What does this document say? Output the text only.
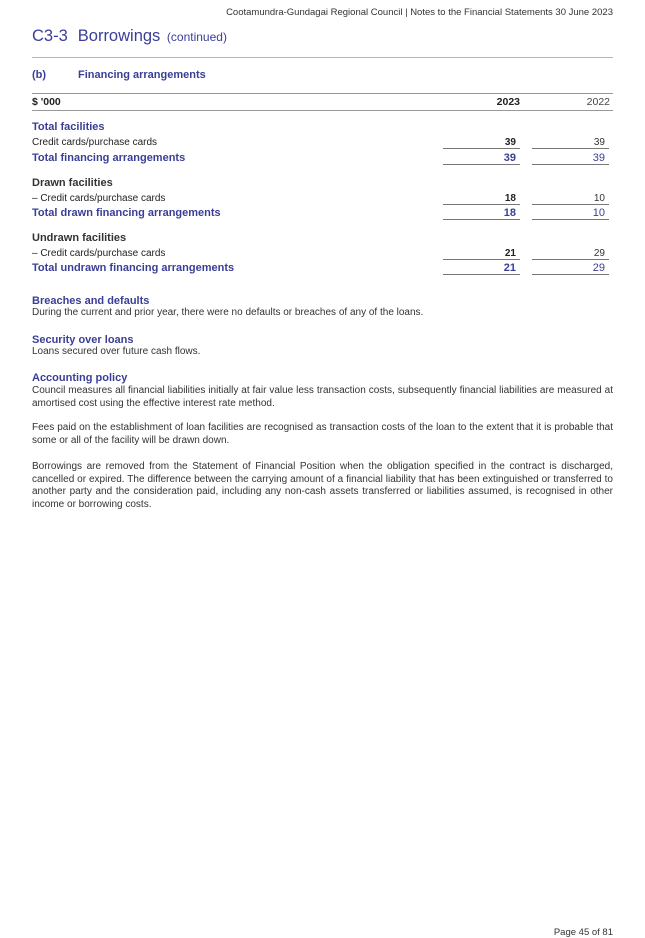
Cootamundra-Gundagai Regional Council | Notes to the Financial Statements 30 June 2023
C3-3 Borrowings (continued)
(b)	Financing arrangements
$ '000	2023	2022
Total facilities
Credit cards/purchase cards	39	39
Total financing arrangements	39	39
Drawn facilities
– Credit cards/purchase cards	18	10
Total drawn financing arrangements	18	10
Undrawn facilities
– Credit cards/purchase cards	21	29
Total undrawn financing arrangements	21	29
Breaches and defaults
During the current and prior year, there were no defaults or breaches of any of the loans.
Security over loans
Loans secured over future cash flows.
Accounting policy
Council measures all financial liabilities initially at fair value less transaction costs, subsequently financial liabilities are measured at amortised cost using the effective interest rate method.
Fees paid on the establishment of loan facilities are recognised as transaction costs of the loan to the extent that it is probable that some or all of the facility will be drawn down.
Borrowings are removed from the Statement of Financial Position when the obligation specified in the contract is discharged, cancelled or expired. The difference between the carrying amount of a financial liability that has been extinguished or transferred to another party and the consideration paid, including any non-cash assets transferred or liabilities assumed, is recognised in other income or borrowing costs.
Page 45 of 81
